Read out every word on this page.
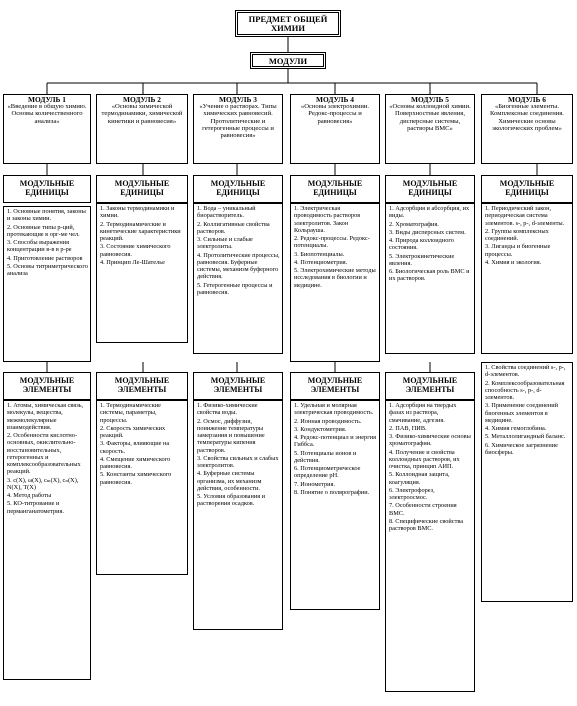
ПРЕДМЕТ ОБЩЕЙ ХИМИИ
МОДУЛИ
МОДУЛЬ 1
«Введение в общую химию. Основы количественного анализа»
МОДУЛЬ 2
«Основы химической термодинамики, химической кинетики и равновесия»
МОДУЛЬ 3
«Учение о растворах. Типы химических равновесий. Протолитические и гетерогенные процессы и равновесия»
МОДУЛЬ 4
«Основы электрохимии. Редокс-процессы и равновесия»
МОДУЛЬ 5
«Основы коллоидной химии. Поверхностные явления, дисперсные системы, растворы ВМС»
МОДУЛЬ 6
«Биогенные элементы. Комплексные соединения. Химические основы экологических проблем»
МОДУЛЬНЫЕ ЕДИНИЦЫ
МОДУЛЬНЫЕ ЕДИНИЦЫ
МОДУЛЬНЫЕ ЕДИНИЦЫ
МОДУЛЬНЫЕ ЕДИНИЦЫ
МОДУЛЬНЫЕ ЕДИНИЦЫ
МОДУЛЬНЫЕ ЕДИНИЦЫ

1. Основные понятия, законы и законы химии.

2. Основные типы р-ций, протекающие в орг-ме чел.

3. Способы выражения концентрации в-в в р-ре

4. Приготовление растворов

5. Основы титриметрического анализа

1. Законы термодинамики и химии.

2. Термодинамические и кинетические характеристики реакций.

3. Состояние химического равновесия.

4. Принцип Ле-Шателье

1. Вода – уникальный биорастворитель.

2. Коллигативные свойства растворов.

3. Сильные и слабые электролиты.

4. Протолитические процессы, равновесия. Буферные системы, механизм буферного действия.

5. Гетерогенные процессы и равновесия.

1. Электрическая проводимость растворов электролитов. Закон Кольрауша.

2. Редокс-процессы. Редокс-потенциалы.

3. Биопотенциалы.

4. Потенциометрия.

5. Электрохимические методы исследования в биологии и медицине.

1. Адсорбция и абсорбция, их виды.

2. Хроматография.

3. Виды дисперсных систем.

4. Природа коллоидного состояния.

5. Электрокинетические явления.

6. Биологическая роль ВМС и их растворов.

1. Периодический закон, периодическая система элементов. s-, p-, d-элементы.

2. Группы комплексных соединений.

3. Лиганды и биогенные процессы.

4. Химия и экология.

МОДУЛЬНЫЕ ЭЛЕМЕНТЫ
МОДУЛЬНЫЕ ЭЛЕМЕНТЫ
МОДУЛЬНЫЕ ЭЛЕМЕНТЫ
МОДУЛЬНЫЕ ЭЛЕМЕНТЫ
МОДУЛЬНЫЕ ЭЛЕМЕНТЫ

1. Атомы, химическая связь, молекулы, вещества, межмолекулярные взаимодействия.

2. Особенности кислотно-основных, окислительно-восстановительных, гетерогенных и комплексообразовательных реакций.

3. c(X), ω(X), cₘ(X), cₙ(X), N(X), T(X)

4. Метод работы

5. КО-титрование и перманганатометрия.

1. Термодинамические системы, параметры, процессы.

2. Скорость химических реакций.

3. Факторы, влияющие на скорость.

4. Смещение химического равновесия.

5. Константы химического равновесия.

1. Физико-химические свойства воды.

2. Осмос, диффузия, понижение температуры замерзания и повышение температуры кипения растворов.

3. Свойства сильных и слабых электролитов.

4. Буферные системы организма, их механизм действия, особенности.

5. Условия образования и растворения осадков.

1. Удельная и молярная электрическая проводимость.

2. Ионная проводимость.

3. Кондуктометрия.

4. Редокс-потенциал и энергия Гиббса.

5. Потенциалы ионов и действия.

6. Потенциометрическое определение pH.

7. Ионометрия.

8. Понятие о полярографии.

1. Адсорбция на твердых фазах из раствора, смачивание, адгезия.

2. ПАВ, ПИВ.

3. Физико-химические основы хроматографии.

4. Получение и свойства коллоидных растворов, их очистка, принцип АИП.

5. Коллоидная защита, коагуляция.

6. Электрофорез, электроосмос.

7. Особенности строения ВМС.

8. Специфические свойства растворов ВМС.

1. Свойства соединений s-, p-, d-элементов.

2. Комплексообразовательная способность s-, p-, d-элементов.

3. Применение соединений биогенных элементов в медицине.

4. Химия гемоглобина.

5. Металлолигандный баланс.

6. Химическое загрязнение биосферы.
